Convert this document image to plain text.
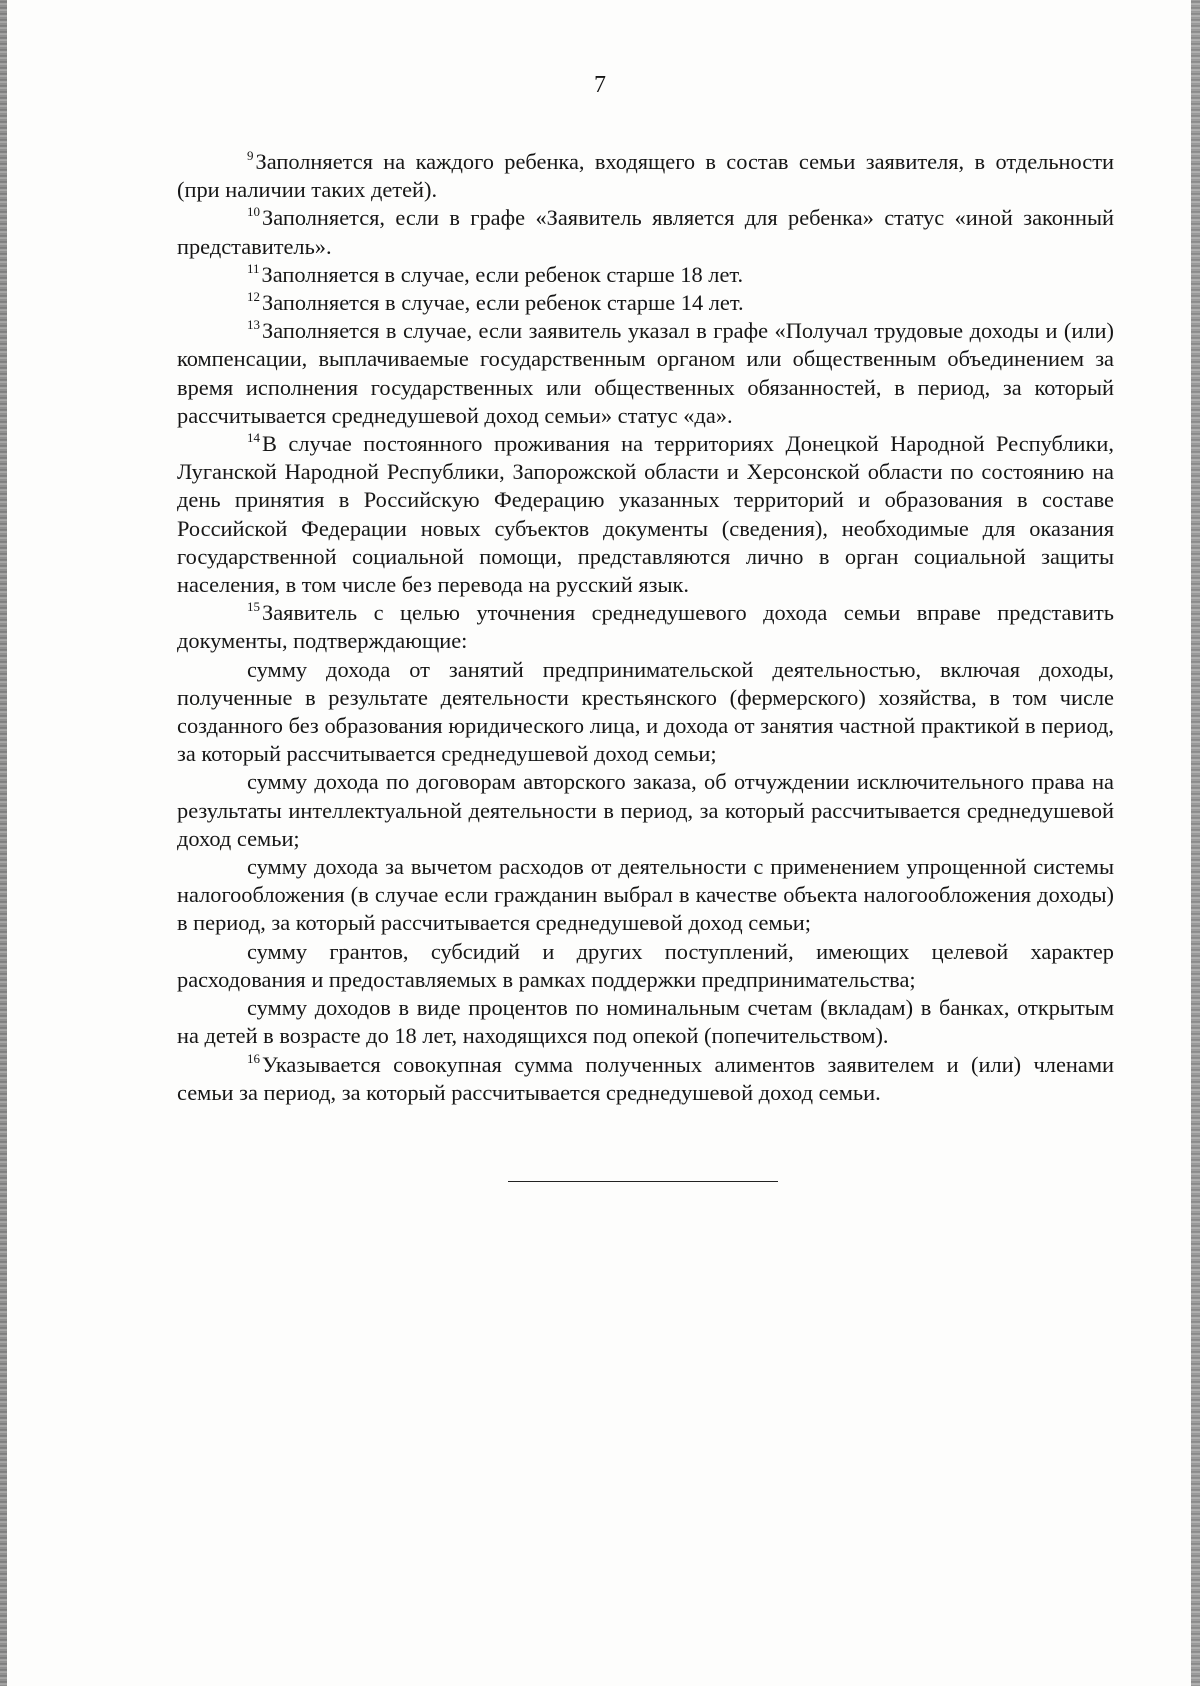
7

$^9$Заполняется на каждого ребенка, входящего в состав семьи заявителя, в отдельности (при наличии таких детей).

$^{10}$Заполняется, если в графе «Заявитель является для ребенка» статус «иной законный представитель».

$^{11}$Заполняется в случае, если ребенок старше 18 лет.

$^{12}$Заполняется в случае, если ребенок старше 14 лет.

$^{13}$Заполняется в случае, если заявитель указал в графе «Получал трудовые доходы и (или) компенсации, выплачиваемые государственным органом или общественным объединением за время исполнения государственных или общественных обязанностей, в период, за который рассчитывается среднедушевой доход семьи» статус «да».

$^{14}$В случае постоянного проживания на территориях Донецкой Народной Республики, Луганской Народной Республики, Запорожской области и Херсонской области по состоянию на день принятия в Российскую Федерацию указанных территорий и образования в составе Российской Федерации новых субъектов документы (сведения), необходимые для оказания государственной социальной помощи, представляются лично в орган социальной защиты населения, в том числе без перевода на русский язык.

$^{15}$Заявитель с целью уточнения среднедушевого дохода семьи вправе представить документы, подтверждающие:

сумму дохода от занятий предпринимательской деятельностью, включая доходы, полученные в результате деятельности крестьянского (фермерского) хозяйства, в том числе созданного без образования юридического лица, и дохода от занятия частной практикой в период, за который рассчитывается среднедушевой доход семьи;

сумму дохода по договорам авторского заказа, об отчуждении исключительного права на результаты интеллектуальной деятельности в период, за который рассчитывается среднедушевой доход семьи;

сумму дохода за вычетом расходов от деятельности с применением упрощенной системы налогообложения (в случае если гражданин выбрал в качестве объекта налогообложения доходы) в период, за который рассчитывается среднедушевой доход семьи;

сумму грантов, субсидий и других поступлений, имеющих целевой характер расходования и предоставляемых в рамках поддержки предпринимательства;

сумму доходов в виде процентов по номинальным счетам (вкладам) в банках, открытым на детей в возрасте до 18 лет, находящихся под опекой (попечительством).

$^{16}$Указывается совокупная сумма полученных алиментов заявителем и (или) членами семьи за период, за который рассчитывается среднедушевой доход семьи.
